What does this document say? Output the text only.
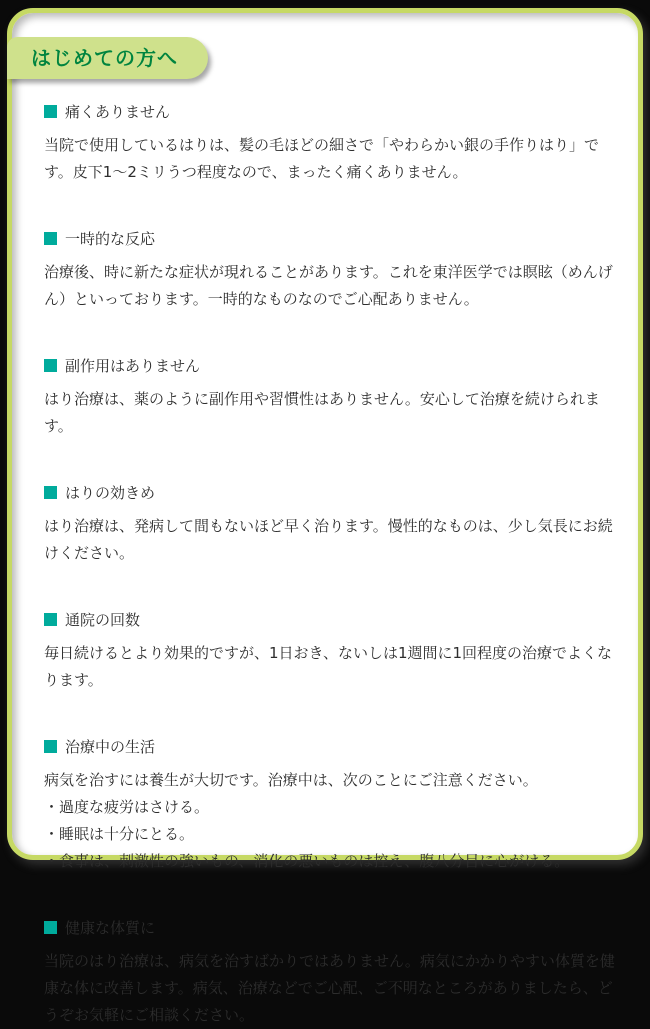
はじめての方へ
痛くありません

当院で使用しているはりは、髪の毛ほどの細さで「やわらかい銀の手作りはり」です。皮下1〜2ミリうつ程度なので、まったく痛くありません。

一時的な反応

治療後、時に新たな症状が現れることがあります。これを東洋医学では瞑眩（めんげん）といっております。一時的なものなのでご心配ありません。

副作用はありません

はり治療は、薬のように副作用や習慣性はありません。安心して治療を続けられます。

はりの効きめ

はり治療は、発病して間もないほど早く治ります。慢性的なものは、少し気長にお続けください。

通院の回数

毎日続けるとより効果的ですが、1日おき、ないしは1週間に1回程度の治療でよくなります。

治療中の生活

病気を治すには養生が大切です。治療中は、次のことにご注意ください。

・過度な疲労はさける。

・睡眠は十分にとる。

・食事は、刺激性の強いもの、消化の悪いものは控え、腹八分目に心がける。

健康な体質に

当院のはり治療は、病気を治すばかりではありません。病気にかかりやすい体質を健康な体に改善します。病気、治療などでご心配、ご不明なところがありましたら、どうぞお気軽にご相談ください。
